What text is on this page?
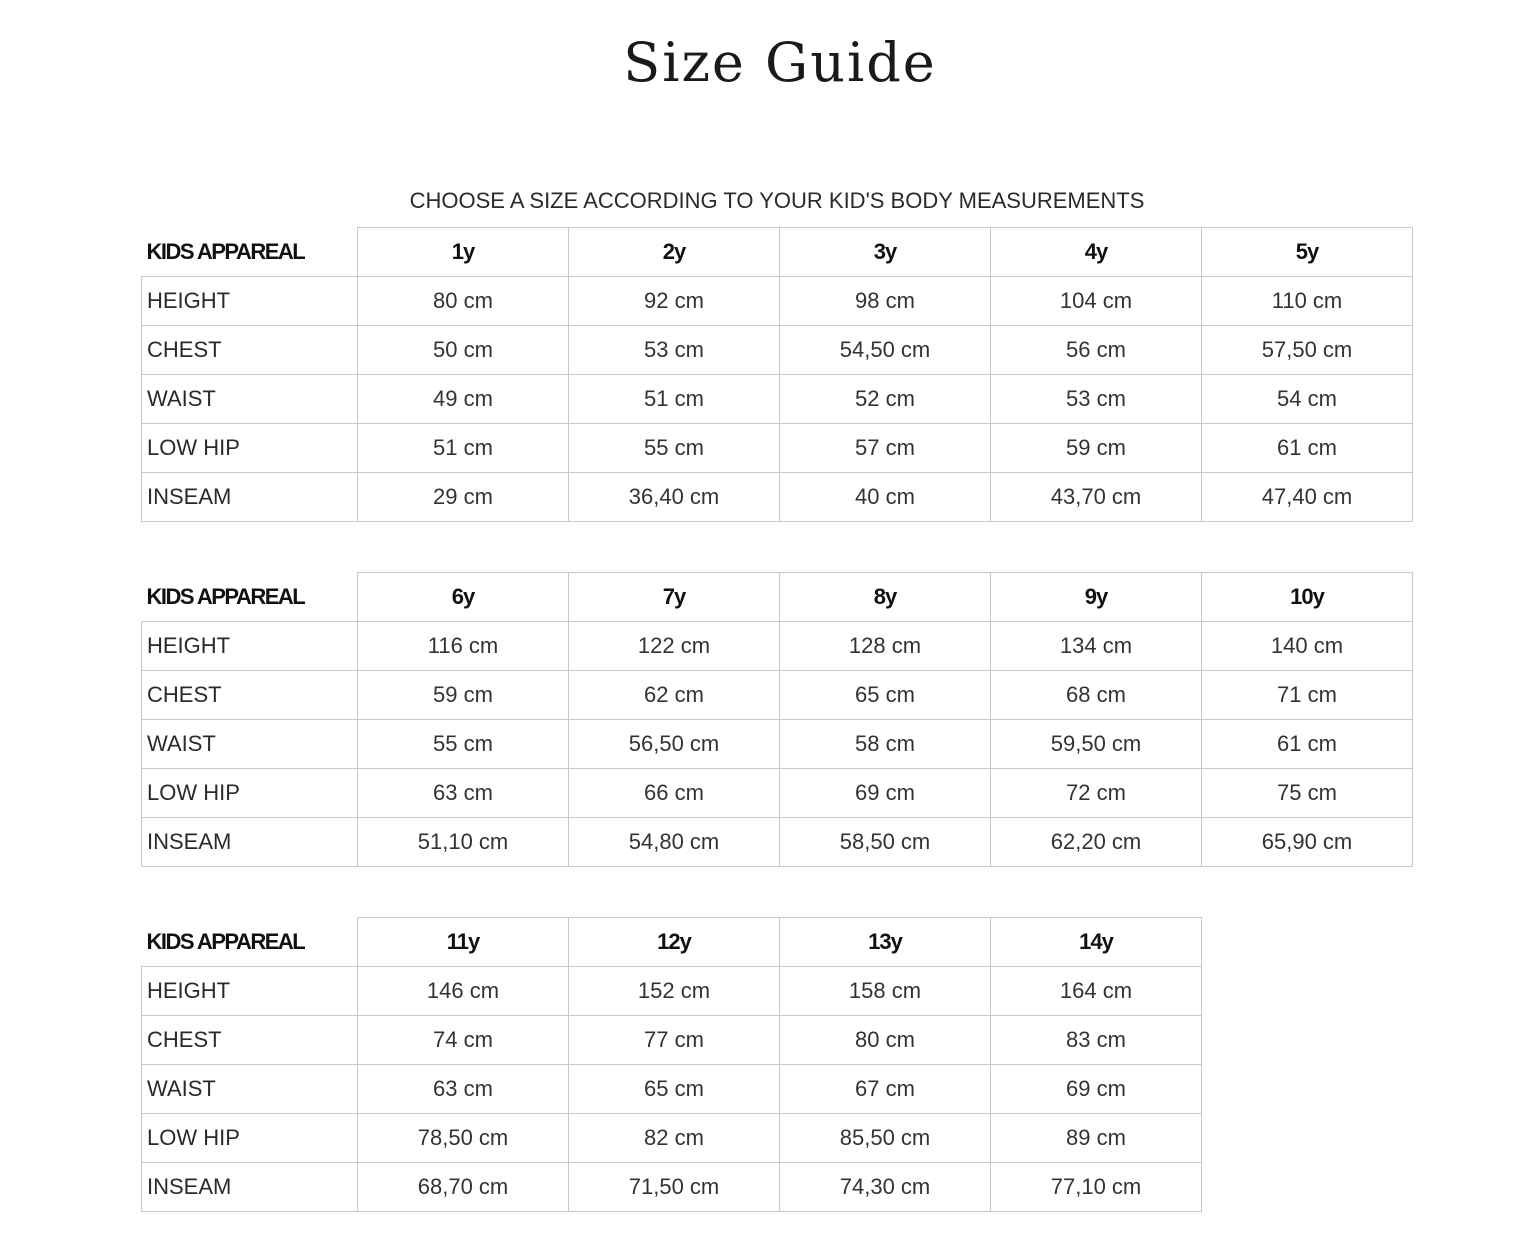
Size Guide
CHOOSE A SIZE ACCORDING TO YOUR KID'S BODY MEASUREMENTS
KIDS APPAREAL	1y	2y	3y	4y	5y
HEIGHT	80 cm	92 cm	98 cm	104 cm	110 cm
CHEST	50 cm	53 cm	54,50 cm	56 cm	57,50 cm
WAIST	49 cm	51 cm	52 cm	53 cm	54 cm
LOW HIP	51 cm	55 cm	57 cm	59 cm	61 cm
INSEAM	29 cm	36,40 cm	40 cm	43,70 cm	47,40 cm
KIDS APPAREAL	6y	7y	8y	9y	10y
HEIGHT	116 cm	122 cm	128 cm	134 cm	140 cm
CHEST	59 cm	62 cm	65 cm	68 cm	71 cm
WAIST	55 cm	56,50 cm	58 cm	59,50 cm	61 cm
LOW HIP	63 cm	66 cm	69 cm	72 cm	75 cm
INSEAM	51,10 cm	54,80 cm	58,50 cm	62,20 cm	65,90 cm
KIDS APPAREAL	11y	12y	13y	14y
HEIGHT	146 cm	152 cm	158 cm	164 cm
CHEST	74 cm	77 cm	80 cm	83 cm
WAIST	63 cm	65 cm	67 cm	69 cm
LOW HIP	78,50 cm	82 cm	85,50 cm	89 cm
INSEAM	68,70 cm	71,50 cm	74,30 cm	77,10 cm
